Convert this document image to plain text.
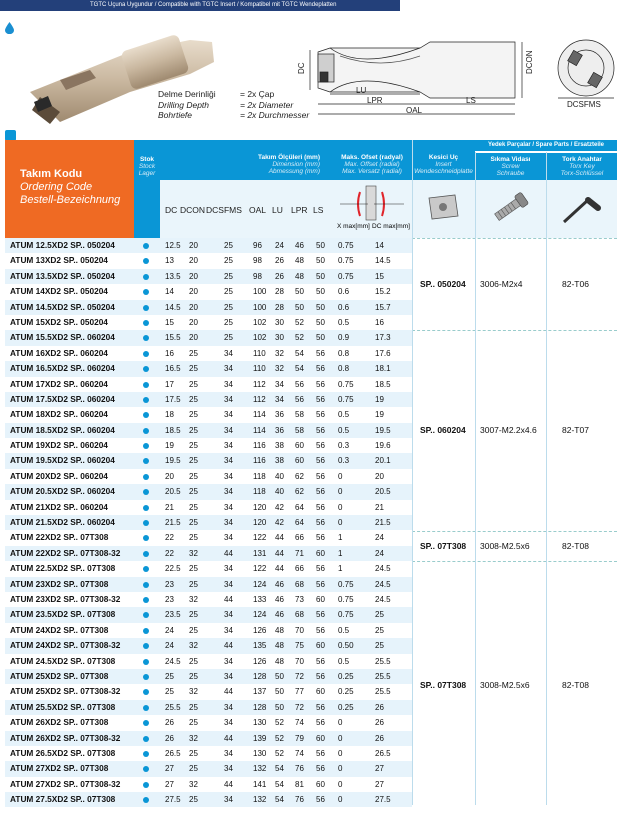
TGTC Uçuna Uygundur / Compatible with TGTC Insert / Kompatibel mit TGTC Wendeplatten
DC	DCON
LU
LPR	LS
OAL
DCSFMS
Delme Derinliği	= 2x Çap
Drilling Depth	= 2x Diameter
Bohrtiefe	= 2x Durchmesser
Takım Kodu
Ordering Code
Bestell-Bezeichnung
Stok
Stock
Lager
Takım Ölçüleri (mm)
Dimension (mm)
Abmessung (mm)
Maks. Ofset (radyal)
Max. Offset (radial)
Max. Versatz (radial)
Kesici Uç
Insert
Wendeschneidplatte
Yedek Parçalar / Spare Parts / Ersatzteile
Sıkma Vidası
Screw
Schraube
Tork Anahtar
Torx Key
Torx-Schlüssel
DC DCON DCSFMS OAL LU LPR LS
X max[mm] DC max[mm]
ATUM 12.5XD2 SP.. 050204	12.5 20	25	96 24 46 50 0.75	14
ATUM 13XD2 SP.. 050204	13 20	25	98 26 48 50 0.75	14.5
ATUM 13.5XD2 SP.. 050204	13.5 20	25	98 26 48 50 0.75	15
ATUM 14XD2 SP.. 050204	14 20	25	100 28 50 50 0.6	15.2
ATUM 14.5XD2 SP.. 050204	14.5 20	25	100 28 50 50 0.6	15.7
ATUM 15XD2 SP.. 050204	15 20	25	102 30 52 50 0.5	16
ATUM 15.5XD2 SP.. 060204	15.5 20	25	102 30 52 50 0.9	17.3
ATUM 16XD2 SP.. 060204	16 25	34	110 32 54 56 0.8	17.6
ATUM 16.5XD2 SP.. 060204	16.5 25	34	110 32 54 56 0.8	18.1
ATUM 17XD2 SP.. 060204	17 25	34	112 34 56 56 0.75	18.5
ATUM 17.5XD2 SP.. 060204	17.5 25	34	112 34 56 56 0.75	19
ATUM 18XD2 SP.. 060204	18 25	34	114 36 58 56 0.5	19
ATUM 18.5XD2 SP.. 060204	18.5 25	34	114 36 58 56 0.5	19.5
ATUM 19XD2 SP.. 060204	19 25	34	116 38 60 56 0.3	19.6
ATUM 19.5XD2 SP.. 060204	19.5 25	34	116 38 60 56 0.3	20.1
ATUM 20XD2 SP.. 060204	20 25	34	118 40 62 56 0	20
ATUM 20.5XD2 SP.. 060204	20.5 25	34	118 40 62 56 0	20.5
ATUM 21XD2 SP.. 060204	21 25	34	120 42 64 56 0	21
ATUM 21.5XD2 SP.. 060204	21.5 25	34	120 42 64 56 0	21.5
ATUM 22XD2 SP.. 07T308	22 25	34	122 44 66 56 1	24
ATUM 22XD2 SP.. 07T308-32	22 32	44	131 44 71 60 1	24
ATUM 22.5XD2 SP.. 07T308	22.5 25	34	122 44 66 56 1	24.5
ATUM 23XD2 SP.. 07T308	23 25	34	124 46 68 56 0.75	24.5
ATUM 23XD2 SP.. 07T308-32	23 32	44	133 46 73 60 0.75	24.5
ATUM 23.5XD2 SP.. 07T308	23.5 25	34	124 46 68 56 0.75	25
ATUM 24XD2 SP.. 07T308	24 25	34	126 48 70 56 0.5	25
ATUM 24XD2 SP.. 07T308-32	24 32	44	135 48 75 60 0.50	25
ATUM 24.5XD2 SP.. 07T308	24.5 25	34	126 48 70 56 0.5	25.5
ATUM 25XD2 SP.. 07T308	25 25	34	128 50 72 56 0.25	25.5
ATUM 25XD2 SP.. 07T308-32	25 32	44	137 50 77 60 0.25	25.5
ATUM 25.5XD2 SP.. 07T308	25.5 25	34	128 50 72 56 0.25	26
ATUM 26XD2 SP.. 07T308	26 25	34	130 52 74 56 0	26
ATUM 26XD2 SP.. 07T308-32	26 32	44	139 52 79 60 0	26
ATUM 26.5XD2 SP.. 07T308	26.5 25	34	130 52 74 56 0	26.5
ATUM 27XD2 SP.. 07T308	27 25	34	132 54 76 56 0	27
ATUM 27XD2 SP.. 07T308-32	27 32	44	141 54 81 60 0	27
ATUM 27.5XD2 SP.. 07T308	27.5 25	34	132 54 76 56 0	27.5
SP.. 050204 3006-M2x4	82-T06
SP.. 060204 3007-M2.2x4.6	82-T07
SP.. 07T308 3008-M2.5x6	82-T08
SP.. 07T308 3008-M2.5x6	82-T08
